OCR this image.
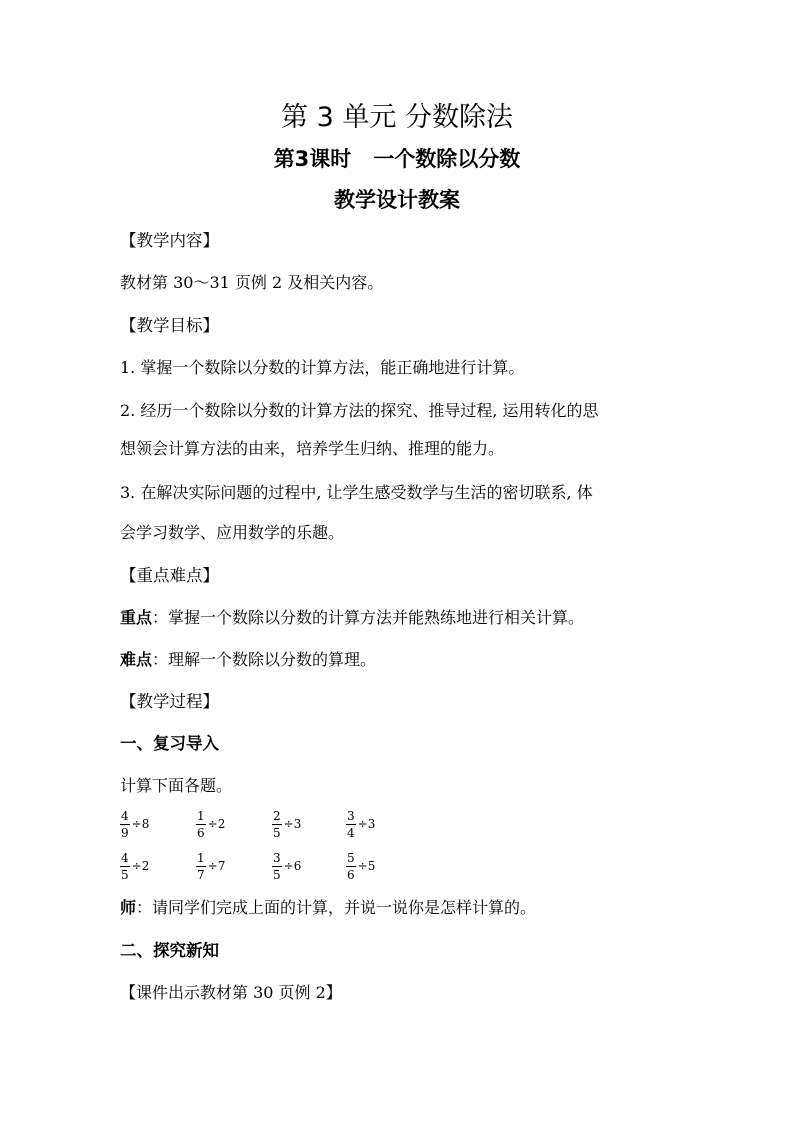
第 3 单元 分数除法
第3课时 一个数除以分数
教学设计教案
【教学内容】
教材第 30～31 页例 2 及相关内容。
【教学目标】
1. 掌握一个数除以分数的计算方法，能正确地进行计算。
2. 经历一个数除以分数的计算方法的探究、推导过程, 运用转化的思
想领会计算方法的由来，培养学生归纳、推理的能力。
3. 在解决实际问题的过程中, 让学生感受数学与生活的密切联系, 体
会学习数学、应用数学的乐趣。
【重点难点】
重点：掌握一个数除以分数的计算方法并能熟练地进行相关计算。
难点：理解一个数除以分数的算理。
【教学过程】
一、复习导入
计算下面各题。
$\frac{4}{9} \div 8$	$\frac{1}{6} \div 2$	$\frac{2}{5} \div 3$	$\frac{3}{4} \div 3$
$\frac{4}{5} \div 2$	$\frac{1}{7} \div 7$	$\frac{3}{5} \div 6$	$\frac{5}{6} \div 5$
师：请同学们完成上面的计算，并说一说你是怎样计算的。
二、探究新知
【课件出示教材第 30 页例 2】
